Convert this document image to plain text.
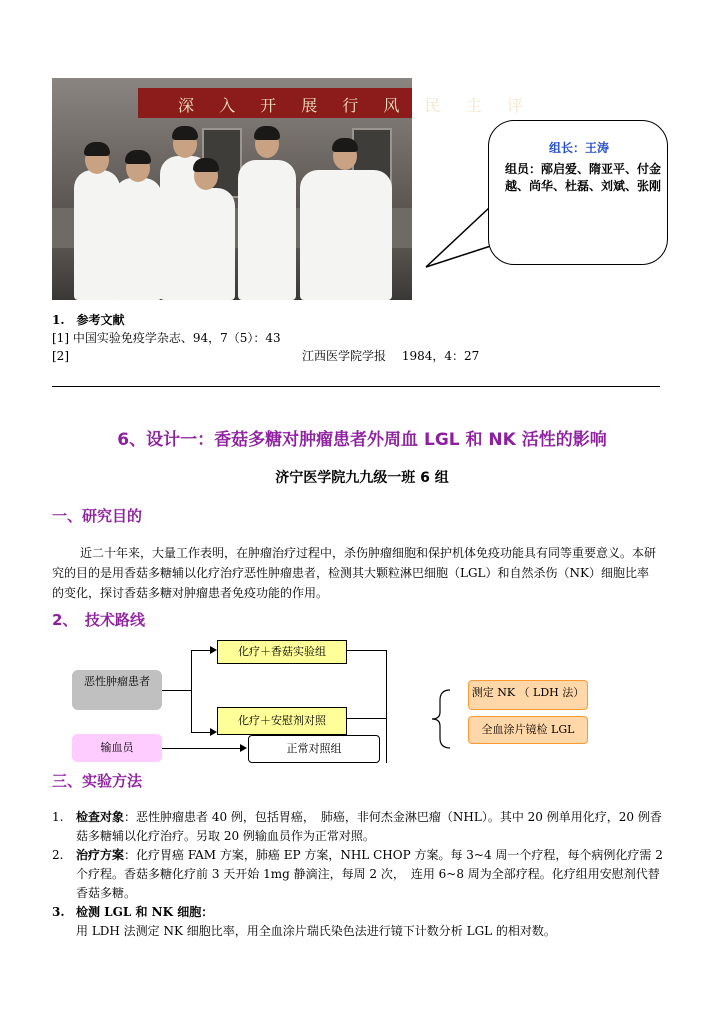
深 入 开 展 行 风 民 主 评
组长：王涛
组员：邴启爱、隋亚平、付金越、尚华、杜磊、刘斌、张刚
1.　参考文献
[1] 中国实验免疫学杂志、94，7（5）：43
[2]	江西医学院学报　 1984，4：27
6、设计一：香菇多糖对肿瘤患者外周血 LGL 和 NK 活性的影响
济宁医学院九九级一班 6 组
一、研究目的
近二十年来，大量工作表明，在肿瘤治疗过程中，杀伤肿瘤细胞和保护机体免疫功能具有同等重要意义。本研究的目的是用香菇多糖辅以化疗治疗恶性肿瘤患者，检测其大颗粒淋巴细胞（LGL）和自然杀伤（NK）细胞比率的变化，探讨香菇多糖对肿瘤患者免疫功能的作用。
2、　技术路线
恶性肿瘤患者
输血员
化疗＋香菇实验组
化疗＋安慰剂对照
正常对照组
测定 NK （ LDH 法）
全血涂片镜检 LGL
三、实验方法
1. 检查对象：恶性肿瘤患者 40 例，包括胃癌，　肺癌，非何杰金淋巴瘤（NHL）。其中 20 例单用化疗，20 例香菇多糖辅以化疗治疗。另取 20 例输血员作为正常对照。
2. 治疗方案：化疗胃癌 FAM 方案，肺癌 EP 方案，NHL CHOP 方案。每 3~4 周一个疗程，每个病例化疗需 2 个疗程。香菇多糖化疗前 3 天开始 1mg 静滴注，每周 2 次，　连用 6~8 周为全部疗程。化疗组用安慰剂代替香菇多糖。
3. 检测 LGL 和 NK 细胞：
用 LDH 法测定 NK 细胞比率，用全血涂片瑞氏染色法进行镜下计数分析 LGL 的相对数。
